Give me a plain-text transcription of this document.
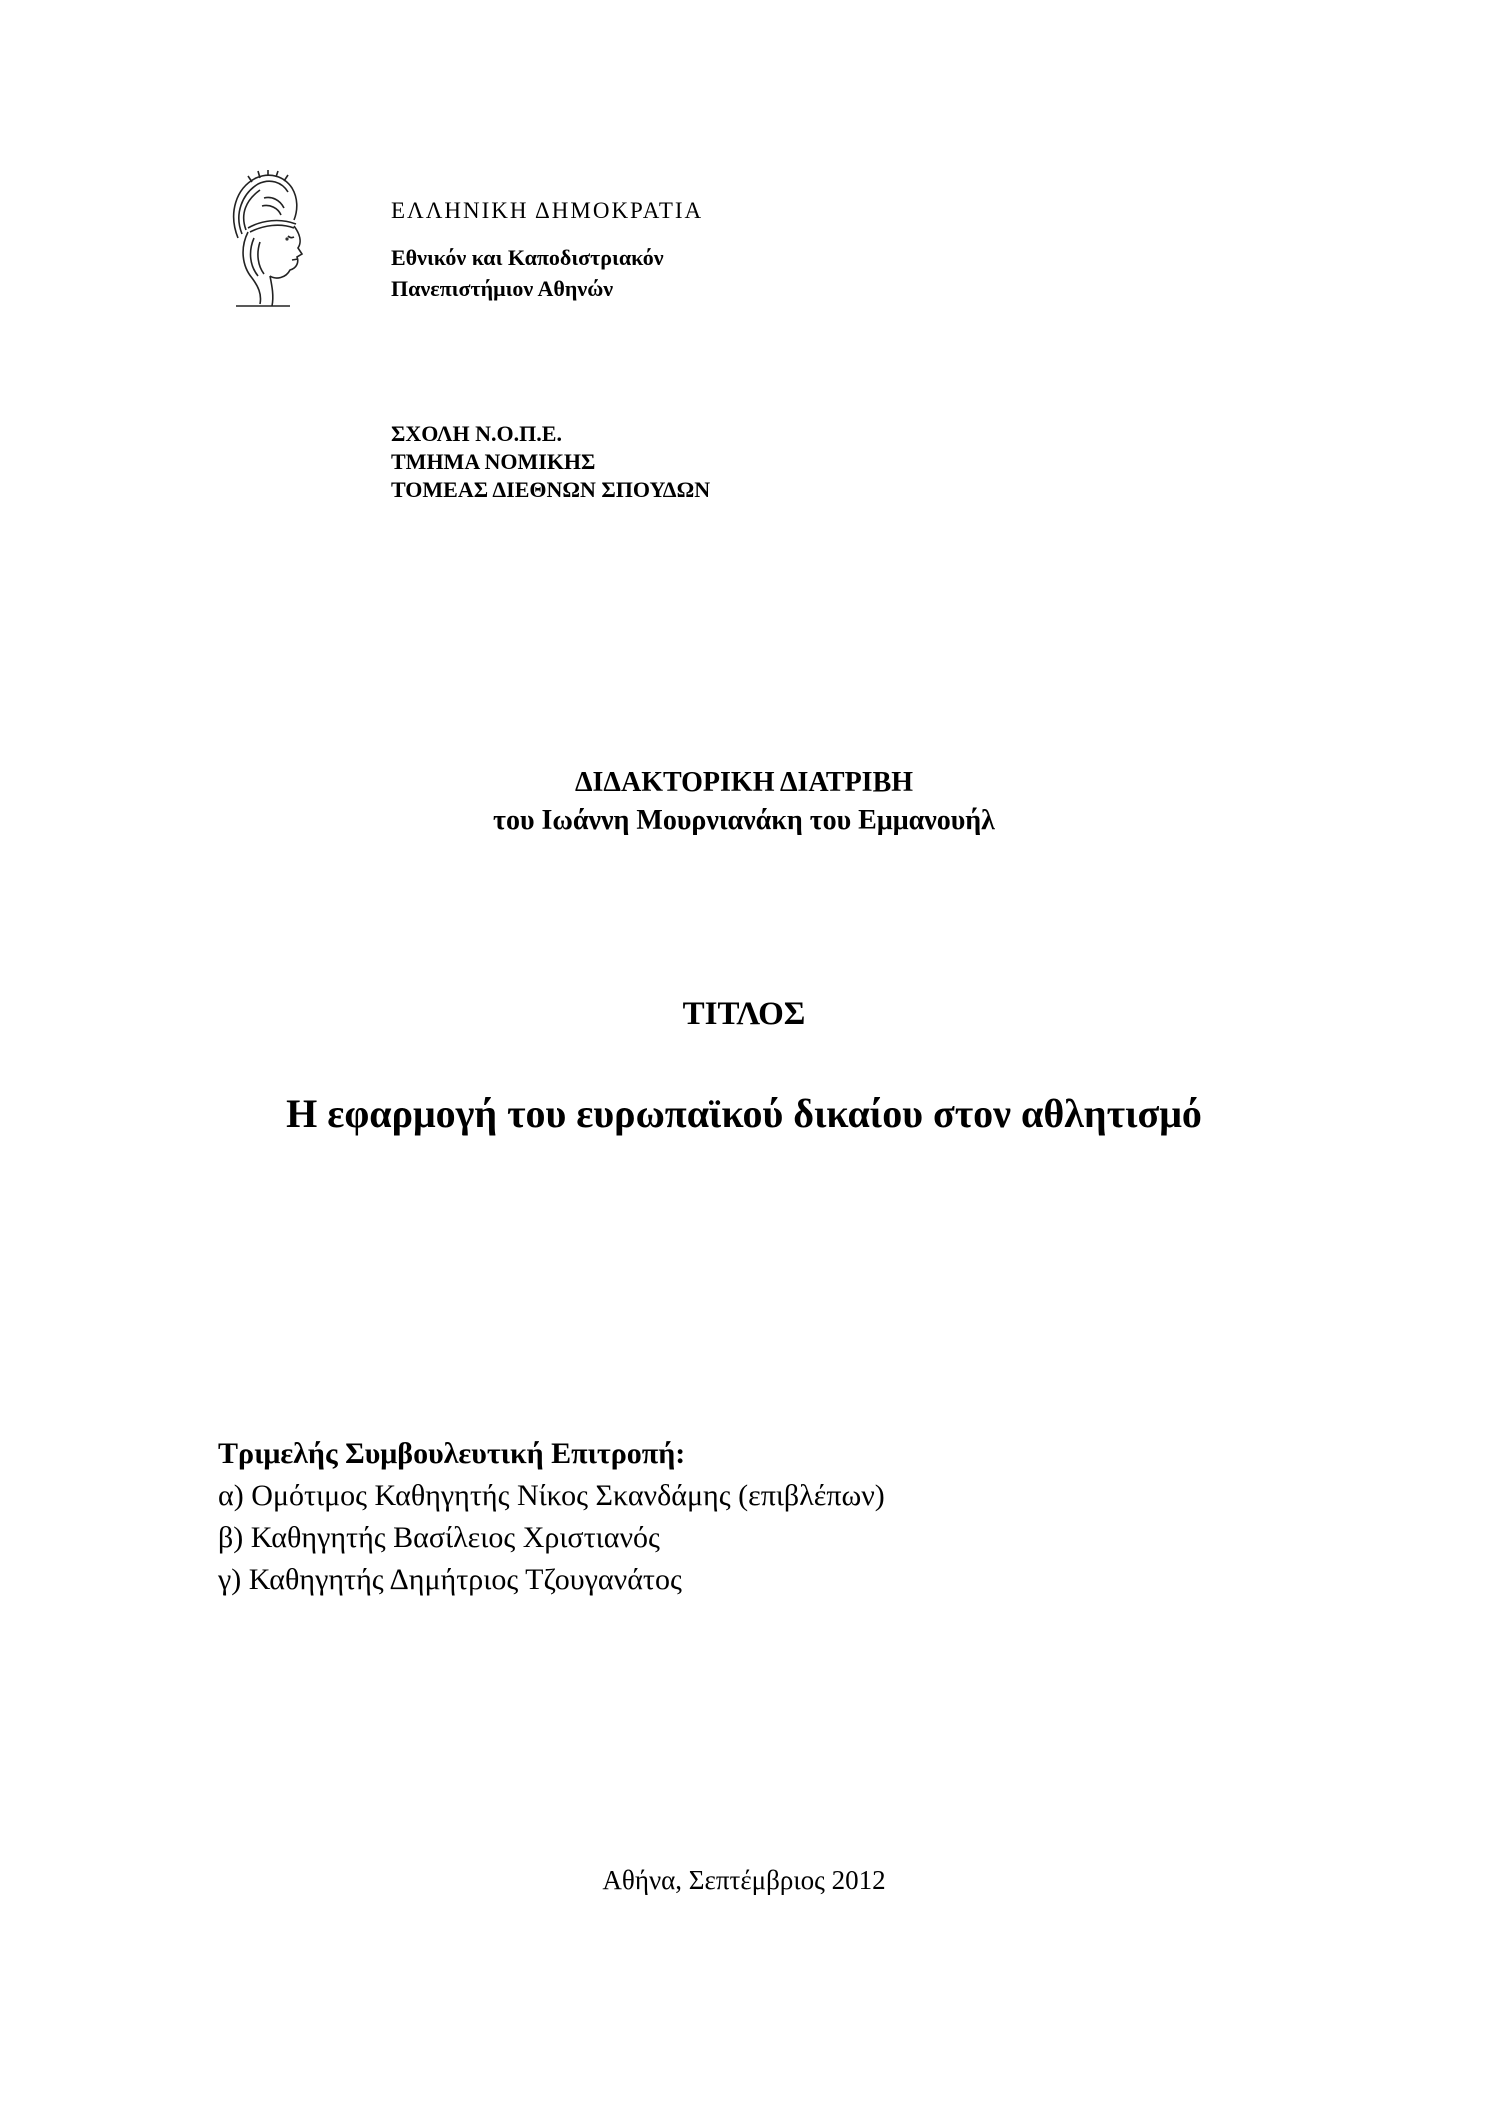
ΕΛΛΗΝΙΚΗ ΔΗΜΟΚΡΑΤΙΑ
Εθνικόν και Καποδιστριακόν
Πανεπιστήμιον Αθηνών
ΣΧΟΛΗ Ν.Ο.Π.Ε.
ΤΜΗΜΑ ΝΟΜΙΚΗΣ
ΤΟΜΕΑΣ ΔΙΕΘΝΩΝ ΣΠΟΥΔΩΝ
ΔΙΔΑΚΤΟΡΙΚΗ ΔΙΑΤΡΙΒΗ
του Ιωάννη Μουρνιανάκη του Εμμανουήλ
ΤΙΤΛΟΣ
Η εφαρμογή του ευρωπαϊκού δικαίου στον αθλητισμό
Τριμελής Συμβουλευτική Επιτροπή:
α) Ομότιμος Καθηγητής Νίκος Σκανδάμης (επιβλέπων)
β) Καθηγητής Βασίλειος Χριστιανός
γ) Καθηγητής Δημήτριος Τζουγανάτος
Αθήνα, Σεπτέμβριος 2012
